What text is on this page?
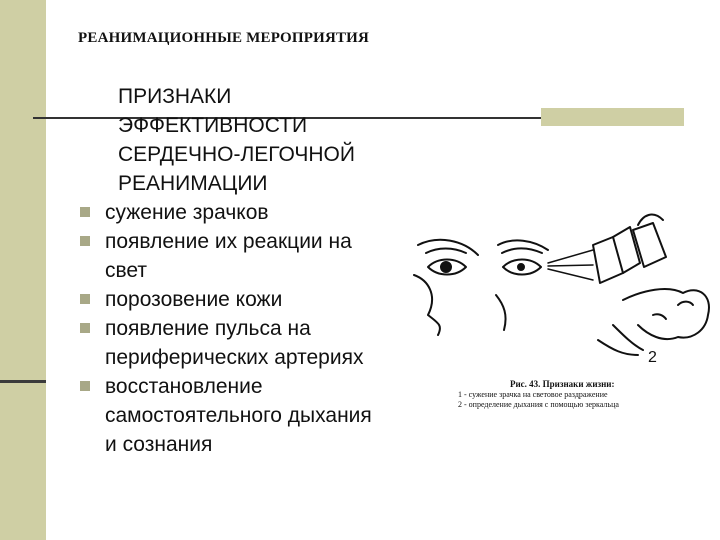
РЕАНИМАЦИОННЫЕ МЕРОПРИЯТИЯ
ПРИЗНАКИ
ЭФФЕКТИВНОСТИ
СЕРДЕЧНО-ЛЕГОЧНОЙ
РЕАНИМАЦИИ
сужение зрачков
появление их реакции на
свет
порозовение кожи
появление пульса на
периферических артериях
восстановление
самостоятельного дыхания
и сознания
2
Рис. 43. Признаки жизни:
1 - сужение зрачка на световое раздражение
2 - определение дыхания с помощью зеркальца
